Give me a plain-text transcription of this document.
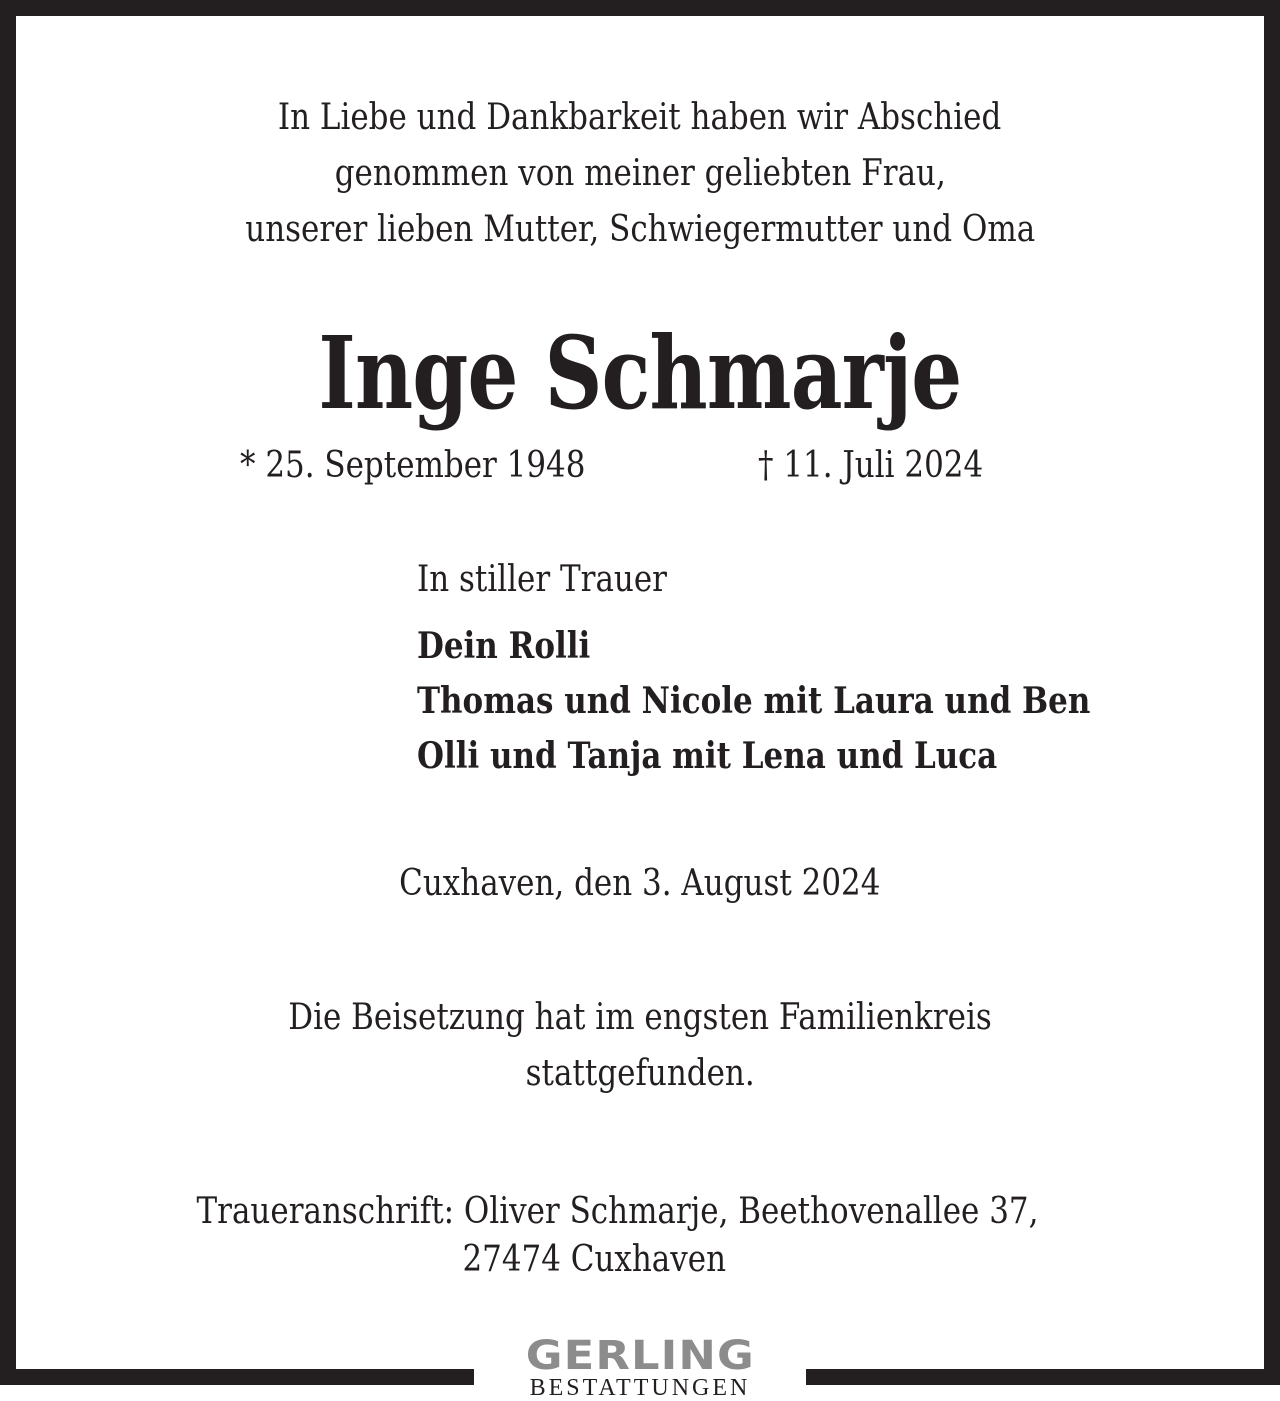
In Liebe und Dankbarkeit haben wir Abschied
genommen von meiner geliebten Frau,
unserer lieben Mutter, Schwiegermutter und Oma
Inge Schmarje
* 25. September 1948	† 11. Juli 2024
In stiller Trauer
Dein Rolli
Thomas und Nicole mit Laura und Ben
Olli und Tanja mit Lena und Luca
Cuxhaven, den 3. August 2024
Die Beisetzung hat im engsten Familienkreis
stattgefunden.
Traueranschrift: Oliver Schmarje, Beethovenallee 37,
27474 Cuxhaven
GERLING
BESTATTUNGEN
